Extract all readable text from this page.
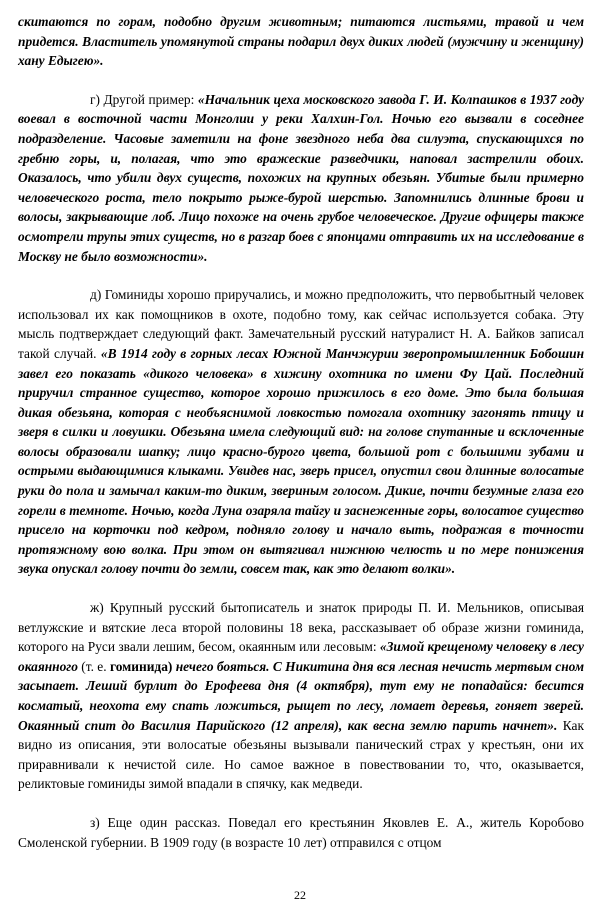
скитаются по горам, подобно другим животным; питаются листьями, травой и чем придется. Властитель упомянутой страны подарил двух диких людей (мужчину и женщину) хану Едыгею».

г) Другой пример: «Начальник цеха московского завода Г. И. Колпашков в 1937 году воевал в восточной части Монголии у реки Халхин-Гол. Ночью его вызвали в соседнее подразделение. Часовые заметили на фоне звездного неба два силуэта, спускающихся по гребню горы, и, полагая, что это вражеские разведчики, наповал застрелили обоих. Оказалось, что убили двух существ, похожих на крупных обезьян. Убитые были примерно человеческого роста, тело покрыто рыже-бурой шерстью. Запомнились длинные брови и волосы, закрывающие лоб. Лицо похоже на очень грубое человеческое. Другие офицеры также осмотрели трупы этих существ, но в разгар боев с японцами отправить их на исследование в Москву не было возможности».

д) Гоминиды хорошо приручались, и можно предположить, что первобытный человек использовал их как помощников в охоте, подобно тому, как сейчас используется собака. Эту мысль подтверждает следующий факт. Замечательный русский натуралист Н. А. Байков записал такой случай. «В 1914 году в горных лесах Южной Манчжурии зверопромышленник Бобошин завел его показать «дикого человека» в хижину охотника по имени Фу Цай. Последний приручил странное существо, которое хорошо прижилось в его доме. Это была большая дикая обезьяна, которая с необъяснимой ловкостью помогала охотнику загонять птицу и зверя в силки и ловушки. Обезьяна имела следующий вид: на голове спутанные и всклоченные волосы образовали шапку; лицо красно-бурого цвета, большой рот с большими зубами и острыми выдающимися клыками. Увидев нас, зверь присел, опустил свои длинные волосатые руки до пола и замычал каким-то диким, звериным голосом. Дикие, почти безумные глаза его горели в темноте. Ночью, когда Луна озаряла тайгу и заснеженные горы, волосатое существо присело на корточки под кедром, подняло голову и начало выть, подражая в точности протяжному вою волка. При этом он вытягивал нижнюю челюсть и по мере понижения звука опускал голову почти до земли, совсем так, как это делают волки».

ж) Крупный русский бытописатель и знаток природы П. И. Мельников, описывая ветлужские и вятские леса второй половины 18 века, рассказывает об образе жизни гоминида, которого на Руси звали лешим, бесом, окаянным или лесовым: «Зимой крещеному человеку в лесу окаянного (т. е. гоминида) нечего бояться. С Никитина дня вся лесная нечисть мертвым сном засыпает. Леший бурлит до Ерофеева дня (4 октября), тут ему не попадайся: бесится косматый, неохота ему спать ложиться, рыщет по лесу, ломает деревья, гоняет зверей. Окаянный спит до Василия Парийского (12 апреля), как весна землю парить начнет». Как видно из описания, эти волосатые обезьяны вызывали панический страх у крестьян, они их приравнивали к нечистой силе. Но самое важное в повествовании то, что, оказывается, реликтовые гоминиды зимой впадали в спячку, как медведи.

з) Еще один рассказ. Поведал его крестьянин Яковлев Е. А., житель Коробово Смоленской губернии. В 1909 году (в возрасте 10 лет) отправился с отцом

22
